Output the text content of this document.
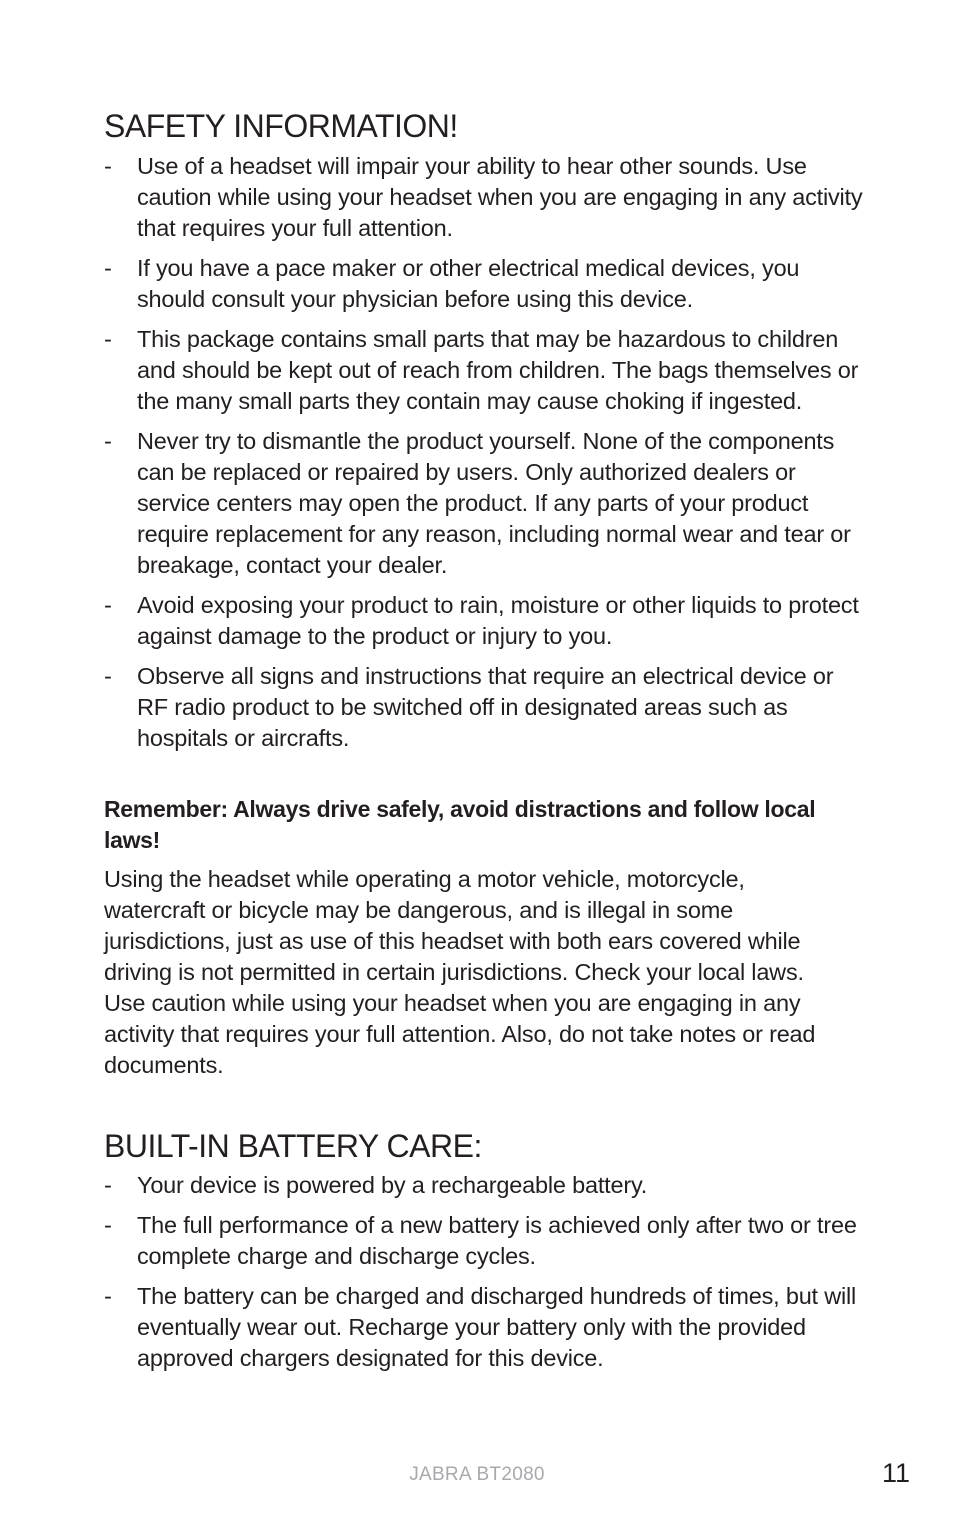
SAFETY INFORMATION!
- Use of a headset will impair your ability to hear other sounds. Use caution while using your headset when you are engaging in any activity that requires your full attention.
- If you have a pace maker or other electrical medical devices, you should consult your physician before using this device.
- This package contains small parts that may be hazardous to children and should be kept out of reach from children. The bags themselves or the many small parts they contain may cause choking if ingested.
- Never try to dismantle the product yourself. None of the components can be replaced or repaired by users. Only authorized dealers or service centers may open the product. If any parts of your product require replacement for any reason, including normal wear and tear or breakage, contact your dealer.
- Avoid exposing your product to rain, moisture or other liquids to protect against damage to the product or injury to you.
- Observe all signs and instructions that require an electrical device or RF radio product to be switched off in designated areas such as hospitals or aircrafts.
Remember: Always drive safely, avoid distractions and follow local laws!
Using the headset while operating a motor vehicle, motorcycle, watercraft or bicycle may be dangerous, and is illegal in some jurisdictions, just as use of this headset with both ears covered while driving is not permitted in certain jurisdictions. Check your local laws. Use caution while using your headset when you are engaging in any activity that requires your full attention. Also, do not take notes or read documents.
BUILT-IN BATTERY CARE:
- Your device is powered by a rechargeable battery.
- The full performance of a new battery is achieved only after two or tree complete charge and discharge cycles.
- The battery can be charged and discharged hundreds of times, but will eventually wear out. Recharge your battery only with the provided approved chargers designated for this device.
JABRA BT2080	11
